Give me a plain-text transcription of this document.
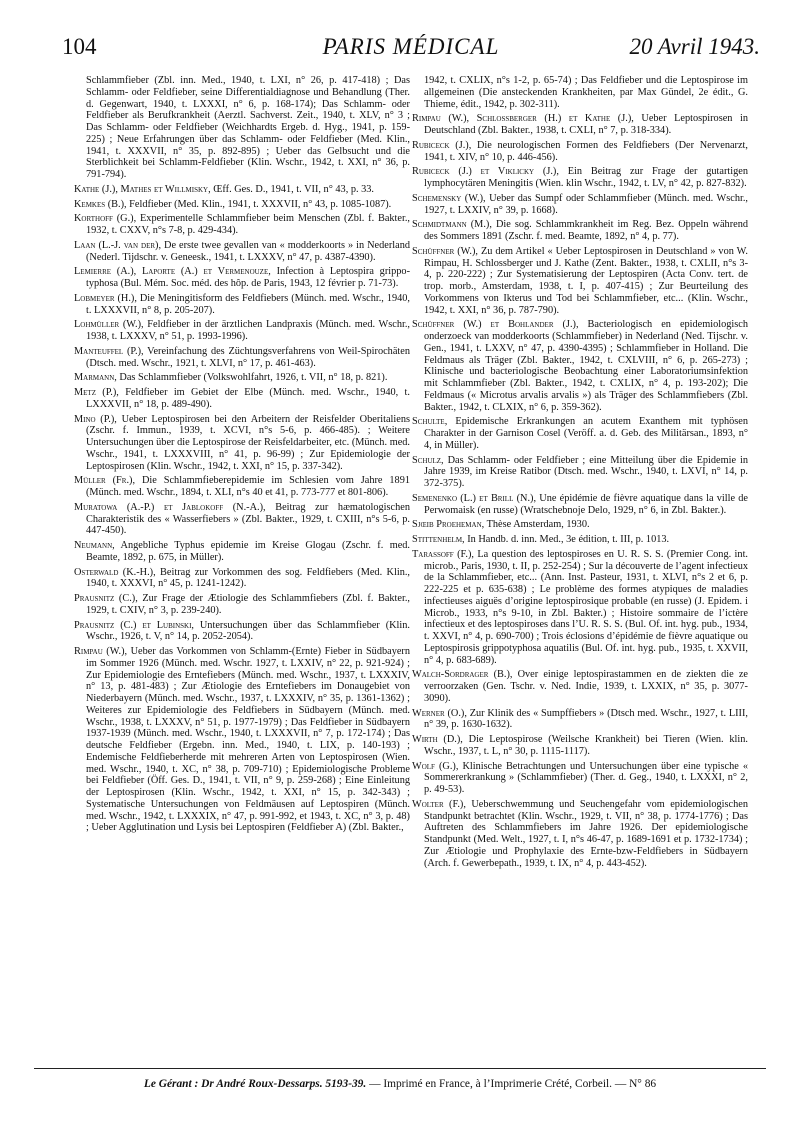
104	PARIS MÉDICAL	20 Avril 1943.

Schlammfieber (Zbl. inn. Med., 1940, t. LXI, n° 26, p. 417-418) ; Das Schlamm- oder Feldfieber, seine Differentialdiagnose und Behandlung (Ther. d. Gegenwart, 1940, t. LXXXI, n° 6, p. 168-174); Das Schlamm- oder Feldfieber als Berufkrankheit (Aerztl. Sachverst. Zeit., 1940, t. XLV, n° 3 ; Das Schlamm- oder Feldfieber (Weichhardts Ergeb. d. Hyg., 1941, p. 159-225) ; Neue Erfahrungen über das Schlamm- oder Feldfieber (Med. Klin., 1941, t. XXXVII, n° 35, p. 892-895) ; Ueber das Gelbsucht und die Sterblichkeit bei Schlamm-Feldfieber (Klin. Wschr., 1942, t. XXI, n° 36, p. 791-794).

Kathe (J.), Mathes et Willmisky, Œff. Ges. D., 1941, t. VII, n° 43, p. 33.

Kemkes (B.), Feldfieber (Med. Klin., 1941, t. XXXVII, n° 43, p. 1085-1087).

Korthoff (G.), Experimentelle Schlammfieber beim Menschen (Zbl. f. Bakter., 1932, t. CXXV, n°s 7-8, p. 429-434).

Laan (L.-J. van der), De erste twee gevallen van « modderkoorts » in Nederland (Nederl. Tijdschr. v. Geneesk., 1941, t. LXXXV, n° 47, p. 4387-4390).

Lemierre (A.), Laporte (A.) et Vermenouze, Infection à Leptospira grippo-typhosa (Bul. Mém. Soc. méd. des hôp. de Paris, 1943, 12 février p. 71-73).

Lobmeyer (H.), Die Meningitisform des Feldfiebers (Münch. med. Wschr., 1940, t. LXXXVII, n° 8, p. 205-207).

Lohmüller (W.), Feldfieber in der ärztlichen Landpraxis (Münch. med. Wschr., 1938, t. LXXXV, n° 51, p. 1993-1996).

Manteuffel (P.), Vereinfachung des Züchtungsverfahrens von Weil-Spirochäten (Dtsch. med. Wschr., 1921, t. XLVI, n° 17, p. 461-463).

Marmann, Das Schlammfieber (Volkswohlfahrt, 1926, t. VII, n° 18, p. 821).

Metz (P.), Feldfieber im Gebiet der Elbe (Münch. med. Wschr., 1940, t. LXXXVII, n° 18, p. 489-490).

Mino (P.), Ueber Leptospirosen bei den Arbeitern der Reisfelder Oberitaliens (Zschr. f. Immun., 1939, t. XCVI, n°s 5-6, p. 466-485). ; Weitere Untersuchungen über die Leptospirose der Reisfeldarbeiter, etc. (Münch. med. Wschr., 1941, t. LXXXVIII, n° 41, p. 96-99) ; Zur Epidemiologie der Leptospirosen (Klin. Wschr., 1942, t. XXI, n° 15, p. 337-342).

Müller (Fr.), Die Schlammfieberepidemie im Schlesien vom Jahre 1891 (Münch. med. Wschr., 1894, t. XLI, n°s 40 et 41, p. 773-777 et 801-806).

Muratowa (A.-P.) et Jablokoff (N.-A.), Beitrag zur hæmatologischen Charakteristik des « Wasserfiebers » (Zbl. Bakter., 1929, t. CXIII, n°s 5-6, p. 447-450).

Neumann, Angebliche Typhus epidemie im Kreise Glogau (Zschr. f. med. Beamte, 1892, p. 675, in Müller).

Osterwald (K.-H.), Beitrag zur Vorkommen des sog. Feldfiebers (Med. Klin., 1940, t. XXXVI, n° 45, p. 1241-1242).

Prausnitz (C.), Zur Frage der Ætiologie des Schlammfiebers (Zbl. f. Bakter., 1929, t. CXIV, n° 3, p. 239-240).

Prausnitz (C.) et Lubinski, Untersuchungen über das Schlammfieber (Klin. Wschr., 1926, t. V, n° 14, p. 2052-2054).

Rimpau (W.), Ueber das Vorkommen von Schlamm-(Ernte) Fieber in Südbayern im Sommer 1926 (Münch. med. Wschr. 1927, t. LXXIV, n° 22, p. 921-924) ; Zur Epidemiologie des Erntefiebers (Münch. med. Wschr., 1937, t. LXXXIV, n° 13, p. 481-483) ; Zur Ætiologie des Erntefiebers im Donaugebiet von Niederbayern (Münch. med. Wschr., 1937, t. LXXXIV, n° 35, p. 1361-1362) ; Weiteres zur Epidemiologie des Feldfiebers in Südbayern (Münch. med. Wschr., 1938, t. LXXXV, n° 51, p. 1977-1979) ; Das Feldfieber in Südbayern 1937-1939 (Münch. med. Wschr., 1940, t. LXXXVII, n° 7, p. 172-174) ; Das deutsche Feldfieber (Ergebn. inn. Med., 1940, t. LIX, p. 140-193) ; Endemische Feldfieberherde mit mehreren Arten von Leptospirosen (Wien. med. Wschr., 1940, t. XC, n° 38, p. 709-710) ; Epidemiologische Probleme bei Feldfieber (Öff. Ges. D., 1941, t. VII, n° 9, p. 259-268) ; Eine Einleitung der Leptospirosen (Klin. Wschr., 1942, t. XXI, n° 15, p. 342-343) ; Systematische Untersuchungen von Feldmäusen auf Leptospiren (Münch. med. Wschr., 1942, t. LXXXIX, n° 47, p. 991-992, et 1943, t. XC, n° 3, p. 48) ; Ueber Agglutination und Lysis bei Leptospiren (Feldfieber A) (Zbl. Bakter.,

1942, t. CXLIX, n°s 1-2, p. 65-74) ; Das Feldfieber und die Leptospirose im allgemeinen (Die ansteckenden Krankheiten, par Max Gündel, 2e édit., G. Thieme, édit., 1942, p. 302-311).

Rimpau (W.), Schlossberger (H.) et Kathe (J.), Ueber Leptospirosen in Deutschland (Zbl. Bakter., 1938, t. CXLI, n° 7, p. 318-334).

Rubiceck (J.), Die neurologischen Formen des Feldfiebers (Der Nervenarzt, 1941, t. XIV, n° 10, p. 446-456).

Rubiceck (J.) et Viklicky (J.), Ein Beitrag zur Frage der gutartigen lymphocytären Meningitis (Wien. klin Wschr., 1942, t. LV, n° 42, p. 827-832).

Schemensky (W.), Ueber das Sumpf oder Schlammfieber (Münch. med. Wschr., 1927, t. LXXIV, n° 39, p. 1668).

Schmidtmann (M.), Die sog. Schlammkrankheit im Reg. Bez. Oppeln während des Sommers 1891 (Zschr. f. med. Beamte, 1892, n° 4, p. 77).

Schüffner (W.), Zu dem Artikel « Ueber Leptospirosen in Deutschland » von W. Rimpau, H. Schlossberger und J. Kathe (Zent. Bakter., 1938, t. CXLII, n°s 3-4, p. 220-222) ; Zur Systematisierung der Leptospiren (Acta Conv. tert. de trop. morb., Amsterdam, 1938, t. I, p. 407-415) ; Zur Beurteilung des Vorkommens von Ikterus und Tod bei Schlammfieber, etc... (Klin. Wschr., 1942, t. XXI, n° 36, p. 787-790).

Schüffner (W.) et Bohlander (J.), Bacteriologisch en epidemiologisch onderzoeck van modderkoorts (Schlammfieber) in Nederland (Ned. Tijschr. v. Gen., 1941, t. LXXV, n° 47, p. 4390-4395) ; Schlammfieber in Holland. Die Feldmaus als Träger (Zbl. Bakter., 1942, t. CXLVIII, n° 6, p. 265-273) ; Klinische und bacteriologische Beobachtung einer Laboratoriumsinfektion mit Schlammfieber (Zbl. Bakter., 1942, t. CXLIX, n° 4, p. 193-202); Die Feldmaus (« Microtus arvalis arvalis ») als Träger des Schlammfiebers (Zbl. Bakter., 1942, t. CLXIX, n° 6, p. 359-362).

Schulte, Epidemische Erkrankungen an acutem Exanthem mit typhösen Charakter in der Garnison Cosel (Veröff. a. d. Geb. des Militärsan., 1893, n° 4, in Müller).

Schulz, Das Schlamm- oder Feldfieber ; eine Mitteilung über die Epidemie in Jahre 1939, im Kreise Ratibor (Dtsch. med. Wschr., 1940, t. LXVI, n° 14, p. 372-375).

Semenenko (L.) et Brill (N.), Une épidémie de fièvre aquatique dans la ville de Perwomaisk (en russe) (Wratschebnoje Delo, 1929, n° 6, in Zbl. Bakter.).

Sjœib Proeheman, Thèse Amsterdam, 1930.

Stittenhelm, In Handb. d. inn. Med., 3e édition, t. III, p. 1013.

Tarassoff (F.), La question des leptospiroses en U. R. S. S. (Premier Cong. int. microb., Paris, 1930, t. II, p. 252-254) ; Sur la découverte de l’agent infectieux de la Schlammfieber, etc... (Ann. Inst. Pasteur, 1931, t. XLVI, n°s 2 et 6, p. 222-225 et p. 635-638) ; Le problème des formes atypiques de maladies infectieuses aiguës d’origine leptospirosique probable (en russe) (J. Epidem. i Microb., 1933, n°s 9-10, in Zbl. Bakter.) ; Histoire sommaire de l’ictère infectieux et des leptospiroses dans l’U. R. S. S. (Bul. Of. int. hyg. pub., 1934, t. XXVI, n° 4, p. 690-700) ; Trois éclosions d’épidémie de fièvre aquatique ou Leptospirosis grippotyphosa aquatilis (Bul. Of. int. hyg. pub., 1935, t. XXVII, n° 4, p. 683-689).

Walch-Sordrager (B.), Over einige leptospirastammen en de ziekten die ze verroorzaken (Gen. Tschr. v. Ned. Indie, 1939, t. LXXIX, n° 35, p. 3077-3090).

Werner (O.), Zur Klinik des « Sumpffiebers » (Dtsch med. Wschr., 1927, t. LIII, n° 39, p. 1630-1632).

Wirth (D.), Die Leptospirose (Weilsche Krankheit) bei Tieren (Wien. klin. Wschr., 1937, t. L, n° 30, p. 1115-1117).

Wolf (G.), Klinische Betrachtungen und Untersuchungen über eine typische « Sommererkrankung » (Schlammfieber) (Ther. d. Geg., 1940, t. LXXXI, n° 2, p. 49-53).

Wolter (F.), Ueberschwemmung und Seuchengefahr vom epidemiologischen Standpunkt betrachtet (Klin. Wschr., 1929, t. VII, n° 38, p. 1774-1776) ; Das Auftreten des Schlammfiebers im Jahre 1926. Der epidemiologische Standpunkt (Med. Welt., 1927, t. I, n°s 46-47, p. 1689-1691 et p. 1732-1734) ; Zur Ætiologie und Prophylaxie des Ernte-bzw-Feldfiebers in Südbayern (Arch. f. Gewerbepath., 1939, t. IX, n° 4, p. 443-452).

Le Gérant : Dr André Roux-Dessarps. 5193-39. — Imprimé en France, à l’Imprimerie Crété, Corbeil. — N° 86
